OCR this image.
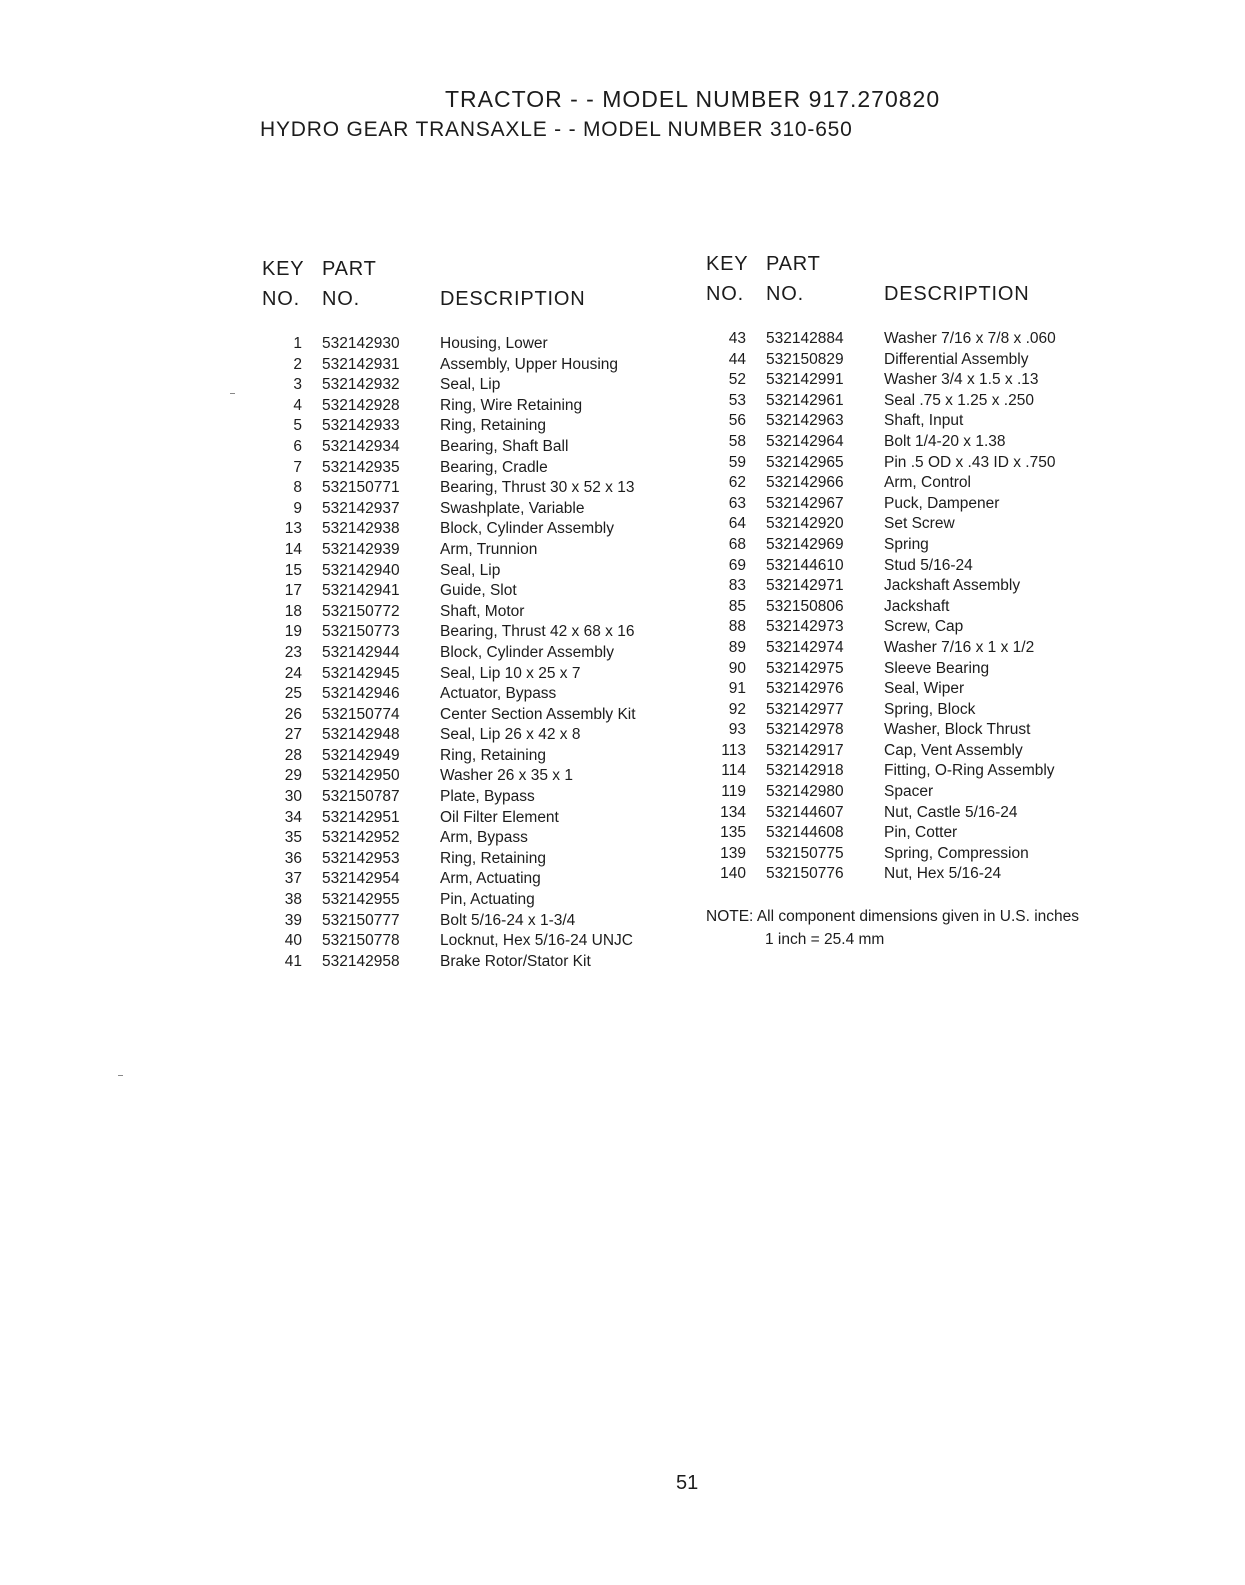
TRACTOR - - MODEL NUMBER 917.270820
HYDRO GEAR TRANSAXLE - - MODEL NUMBER 310-650
KEY
NO.
PART
NO.	DESCRIPTION
1 532142930	Housing, Lower
2 532142931	Assembly, Upper Housing
3 532142932	Seal, Lip
4 532142928	Ring, Wire Retaining
5 532142933	Ring, Retaining
6 532142934	Bearing, Shaft Ball
7 532142935	Bearing, Cradle
8 532150771	Bearing, Thrust 30 x 52 x 13
9 532142937	Swashplate, Variable
13 532142938	Block, Cylinder Assembly
14 532142939	Arm, Trunnion
15 532142940	Seal, Lip
17 532142941	Guide, Slot
18 532150772	Shaft, Motor
19 532150773	Bearing, Thrust 42 x 68 x 16
23 532142944	Block, Cylinder Assembly
24 532142945	Seal, Lip 10 x 25 x 7
25 532142946	Actuator, Bypass
26 532150774	Center Section Assembly Kit
27 532142948	Seal, Lip 26 x 42 x 8
28 532142949	Ring, Retaining
29 532142950	Washer 26 x 35 x 1
30 532150787	Plate, Bypass
34 532142951	Oil Filter Element
35 532142952	Arm, Bypass
36 532142953	Ring, Retaining
37 532142954	Arm, Actuating
38 532142955	Pin, Actuating
39 532150777	Bolt 5/16-24 x 1-3/4
40 532150778	Locknut, Hex 5/16-24 UNJC
41 532142958	Brake Rotor/Stator Kit
KEY
NO.
PART
NO.	DESCRIPTION
43 532142884	Washer 7/16 x 7/8 x .060
44 532150829	Differential Assembly
52 532142991	Washer 3/4 x 1.5 x .13
53 532142961	Seal .75 x 1.25 x .250
56 532142963	Shaft, Input
58 532142964	Bolt 1/4-20 x 1.38
59 532142965	Pin .5 OD x .43 ID x .750
62 532142966	Arm, Control
63 532142967	Puck, Dampener
64 532142920	Set Screw
68 532142969	Spring
69 532144610	Stud 5/16-24
83 532142971	Jackshaft Assembly
85 532150806	Jackshaft
88 532142973	Screw, Cap
89 532142974	Washer 7/16 x 1 x 1/2
90 532142975	Sleeve Bearing
91 532142976	Seal, Wiper
92 532142977	Spring, Block
93 532142978	Washer, Block Thrust
113 532142917	Cap, Vent Assembly
114 532142918	Fitting, O-Ring Assembly
119 532142980	Spacer
134 532144607	Nut, Castle 5/16-24
135 532144608	Pin, Cotter
139 532150775	Spring, Compression
140 532150776	Nut, Hex 5/16-24
NOTE: All component dimensions given in U.S. inches
1 inch = 25.4 mm
51
